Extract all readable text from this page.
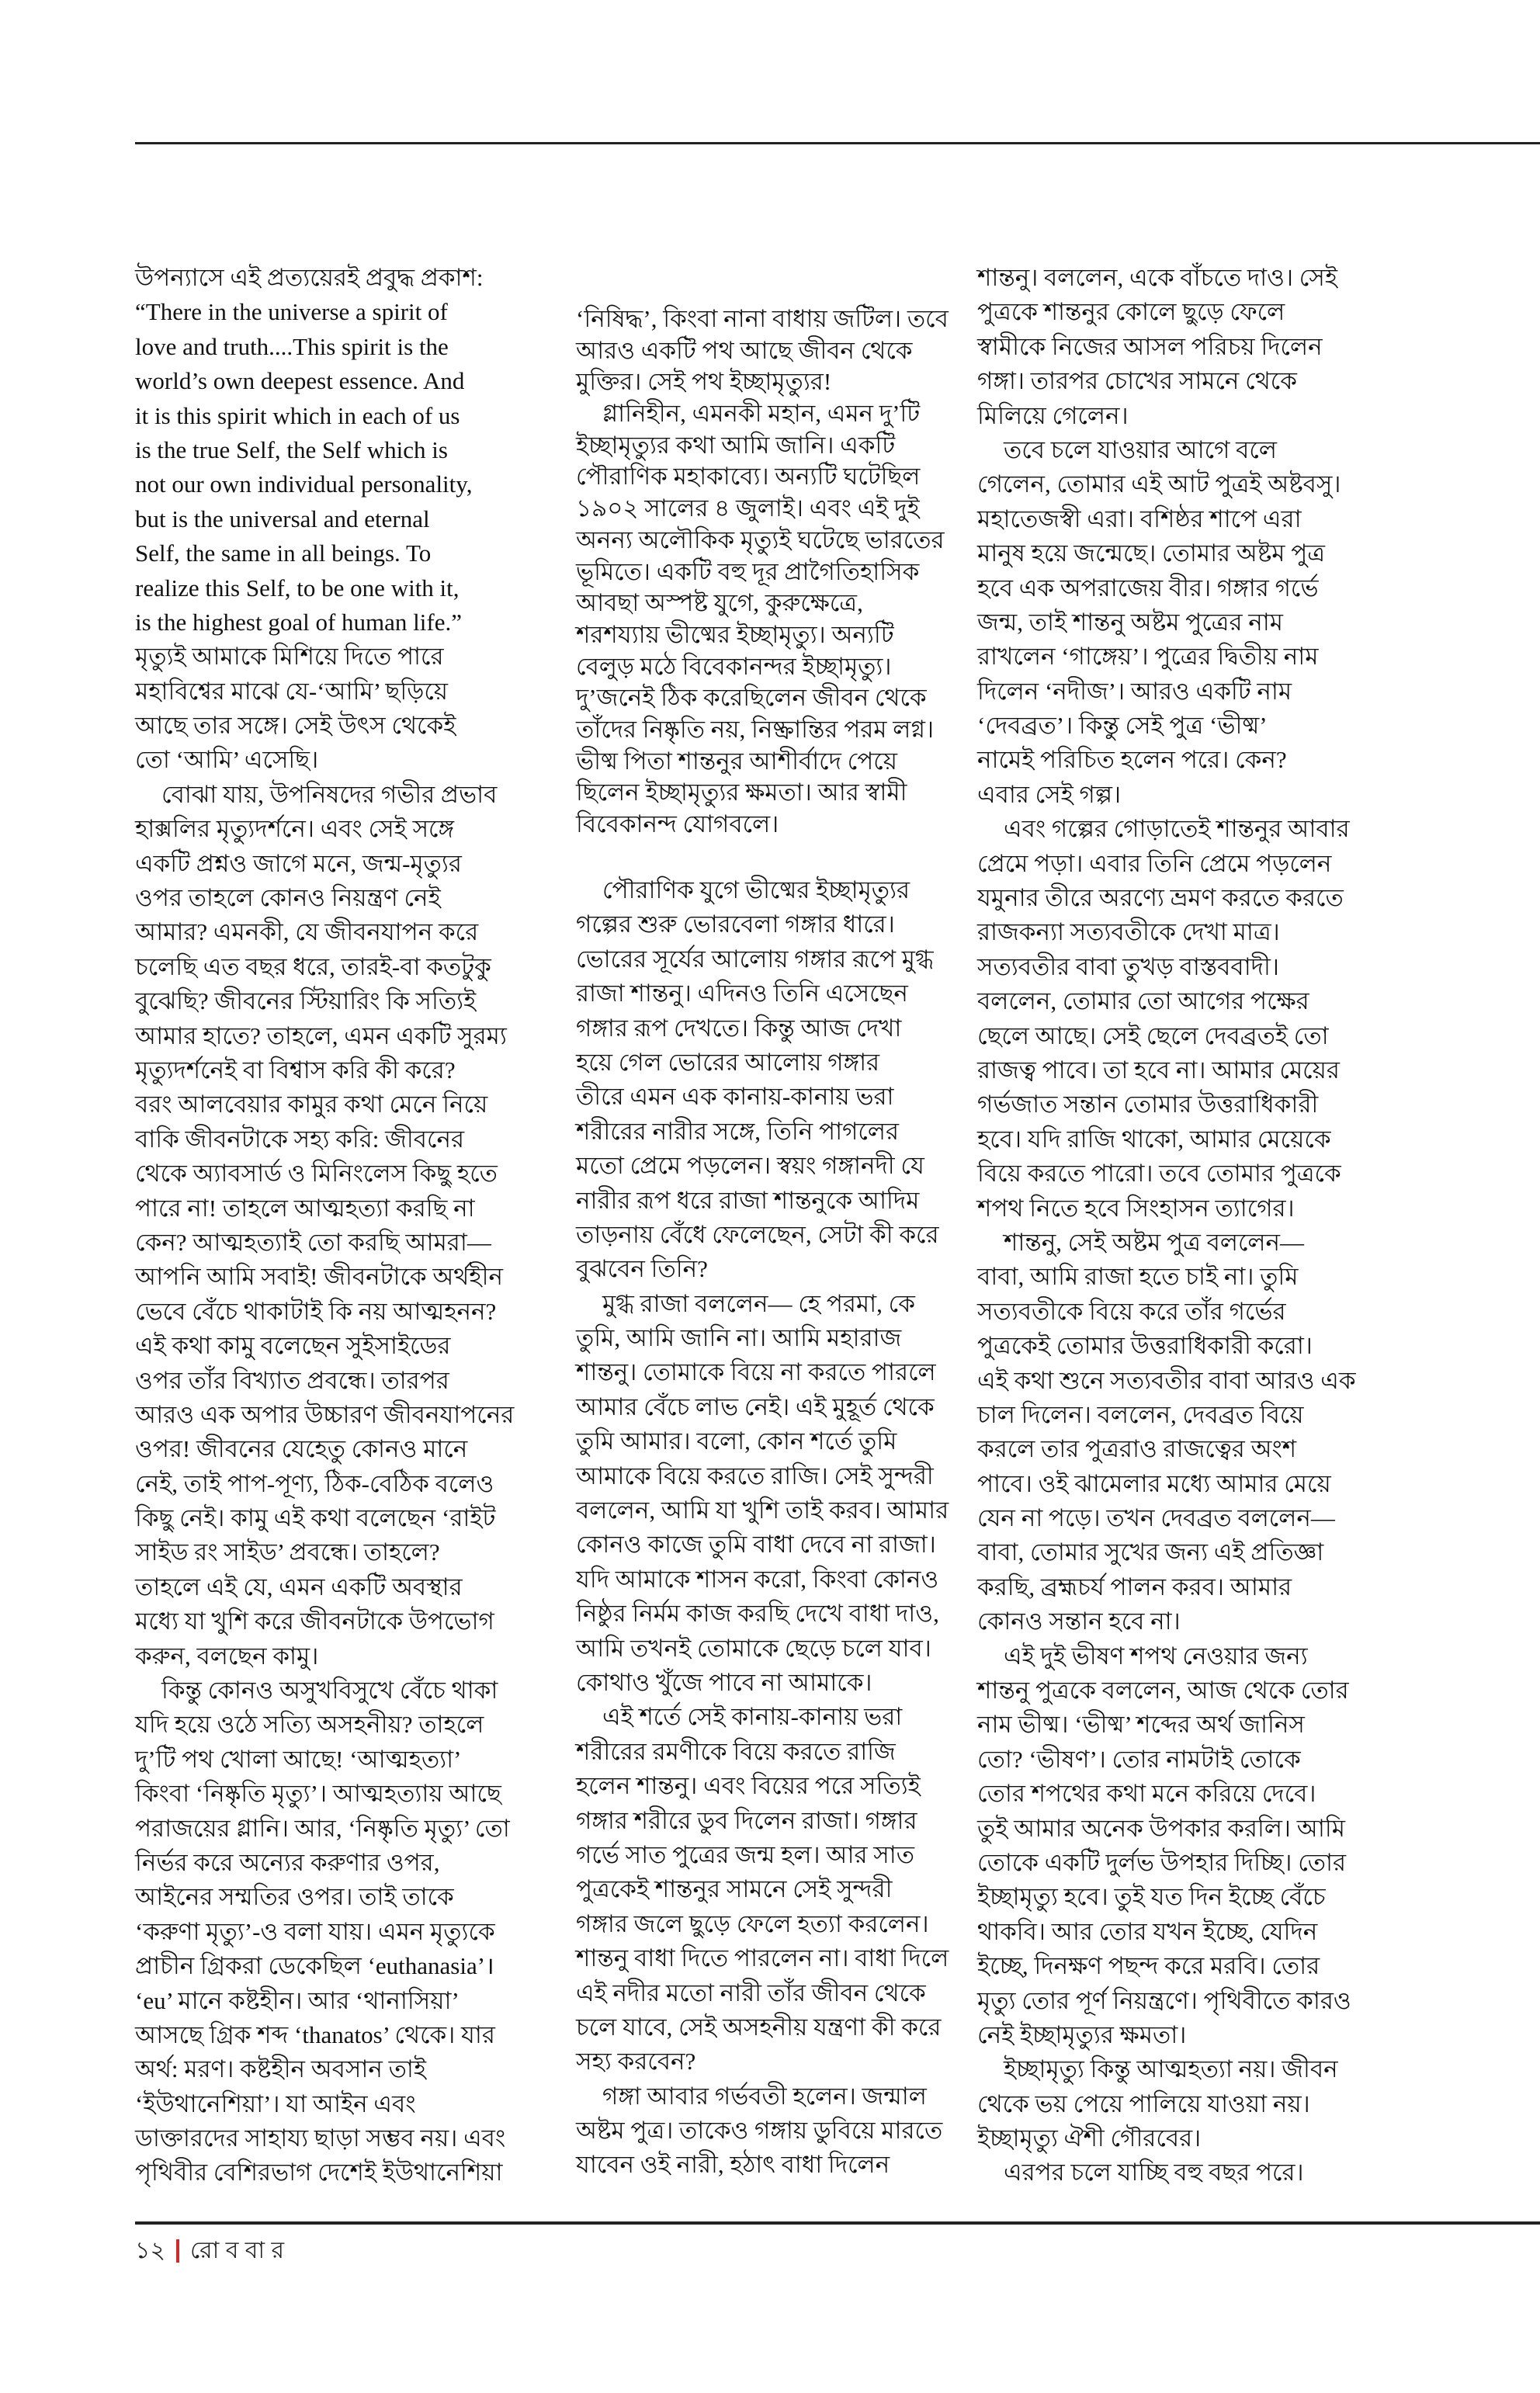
উপন্যাসে এই প্রত্যয়েরই প্রবুদ্ধ প্রকাশ:
“There in the universe a spirit of
love and truth....This spirit is the
world’s own deepest essence. And
it is this spirit which in each of us
is the true Self, the Self which is
not our own individual personality,
but is the universal and eternal
Self, the same in all beings. To
realize this Self, to be one with it,
is the highest goal of human life.”
মৃত্যুই আমাকে মিশিয়ে দিতে পারে
মহাবিশ্বের মাঝে যে-‘আমি’ ছড়িয়ে
আছে তার সঙ্গে। সেই উৎস থেকেই
তো ‘আমি’ এসেছি।
বোঝা যায়, উপনিষদের গভীর প্রভাব
হাক্সলির মৃত্যুদর্শনে। এবং সেই সঙ্গে
একটি প্রশ্নও জাগে মনে, জন্ম-মৃত্যুর
ওপর তাহলে কোনও নিয়ন্ত্রণ নেই
আমার? এমনকী, যে জীবনযাপন করে
চলেছি এত বছর ধরে, তারই-বা কতটুকু
বুঝেছি? জীবনের স্টিয়ারিং কি সত্যিই
আমার হাতে? তাহলে, এমন একটি সুরম্য
মৃত্যুদর্শনেই বা বিশ্বাস করি কী করে?
বরং আলবেয়ার কামুর কথা মেনে নিয়ে
বাকি জীবনটাকে সহ্য করি: জীবনের
থেকে অ্যাবসার্ড ও মিনিংলেস কিছু হতে
পারে না! তাহলে আত্মহত্যা করছি না
কেন? আত্মহত্যাই তো করছি আমরা—
আপনি আমি সবাই! জীবনটাকে অর্থহীন
ভেবে বেঁচে থাকাটাই কি নয় আত্মহনন?
এই কথা কামু বলেছেন সুইসাইডের
ওপর তাঁর বিখ্যাত প্রবন্ধে। তারপর
আরও এক অপার উচ্চারণ জীবনযাপনের
ওপর! জীবনের যেহেতু কোনও মানে
নেই, তাই পাপ-পূণ্য, ঠিক-বেঠিক বলেও
কিছু নেই। কামু এই কথা বলেছেন ‘রাইট
সাইড রং সাইড’ প্রবন্ধে। তাহলে?
তাহলে এই যে, এমন একটি অবস্থার
মধ্যে যা খুশি করে জীবনটাকে উপভোগ
করুন, বলছেন কামু।
কিন্তু কোনও অসুখবিসুখে বেঁচে থাকা
যদি হয়ে ওঠে সত্যি অসহনীয়? তাহলে
দু’টি পথ খোলা আছে! ‘আত্মহত্যা’
কিংবা ‘নিষ্কৃতি মৃত্যু’। আত্মহত্যায় আছে
পরাজয়ের গ্লানি। আর, ‘নিষ্কৃতি মৃত্যু’ তো
নির্ভর করে অন্যের করুণার ওপর,
আইনের সম্মতির ওপর। তাই তাকে
‘করুণা মৃত্যু’-ও বলা যায়। এমন মৃত্যুকে
প্রাচীন গ্রিকরা ডেকেছিল ‘euthanasia’।
‘eu’ মানে কষ্টহীন। আর ‘থানাসিয়া’
আসছে গ্রিক শব্দ ‘thanatos’ থেকে। যার
অর্থ: মরণ। কষ্টহীন অবসান তাই
‘ইউথানেশিয়া’। যা আইন এবং
ডাক্তারদের সাহায্য ছাড়া সম্ভব নয়। এবং
পৃথিবীর বেশিরভাগ দেশেই ইউথানেশিয়া
‘নিষিদ্ধ’, কিংবা নানা বাধায় জটিল। তবে
আরও একটি পথ আছে জীবন থেকে
মুক্তির। সেই পথ ইচ্ছামৃত্যুর!
গ্লানিহীন, এমনকী মহান, এমন দু’টি
ইচ্ছামৃত্যুর কথা আমি জানি। একটি
পৌরাণিক মহাকাব্যে। অন্যটি ঘটেছিল
১৯০২ সালের ৪ জুলাই। এবং এই দুই
অনন্য অলৌকিক মৃত্যুই ঘটেছে ভারতের
ভূমিতে। একটি বহু দূর প্রাগৈতিহাসিক
আবছা অস্পষ্ট যুগে, কুরুক্ষেত্রে,
শরশয্যায় ভীষ্মের ইচ্ছামৃত্যু। অন্যটি
বেলুড় মঠে বিবেকানন্দর ইচ্ছামৃত্যু।
দু’জনেই ঠিক করেছিলেন জীবন থেকে
তাঁদের নিষ্কৃতি নয়, নিষ্ক্রান্তির পরম লগ্ন।
ভীষ্ম পিতা শান্তনুর আশীর্বাদে পেয়ে
ছিলেন ইচ্ছামৃত্যুর ক্ষমতা। আর স্বামী
বিবেকানন্দ যোগবলে।
পৌরাণিক যুগে ভীষ্মের ইচ্ছামৃত্যুর
গল্পের শুরু ভোরবেলা গঙ্গার ধারে।
ভোরের সূর্যের আলোয় গঙ্গার রূপে মুগ্ধ
রাজা শান্তনু। এদিনও তিনি এসেছেন
গঙ্গার রূপ দেখতে। কিন্তু আজ দেখা
হয়ে গেল ভোরের আলোয় গঙ্গার
তীরে এমন এক কানায়-কানায় ভরা
শরীরের নারীর সঙ্গে, তিনি পাগলের
মতো প্রেমে পড়লেন। স্বয়ং গঙ্গানদী যে
নারীর রূপ ধরে রাজা শান্তনুকে আদিম
তাড়নায় বেঁধে ফেলেছেন, সেটা কী করে
বুঝবেন তিনি?
মুগ্ধ রাজা বললেন— হে পরমা, কে
তুমি, আমি জানি না। আমি মহারাজ
শান্তনু। তোমাকে বিয়ে না করতে পারলে
আমার বেঁচে লাভ নেই। এই মুহূর্ত থেকে
তুমি আমার। বলো, কোন শর্তে তুমি
আমাকে বিয়ে করতে রাজি। সেই সুন্দরী
বললেন, আমি যা খুশি তাই করব। আমার
কোনও কাজে তুমি বাধা দেবে না রাজা।
যদি আমাকে শাসন করো, কিংবা কোনও
নিষ্ঠুর নির্মম কাজ করছি দেখে বাধা দাও,
আমি তখনই তোমাকে ছেড়ে চলে যাব।
কোথাও খুঁজে পাবে না আমাকে।
এই শর্তে সেই কানায়-কানায় ভরা
শরীরের রমণীকে বিয়ে করতে রাজি
হলেন শান্তনু। এবং বিয়ের পরে সত্যিই
গঙ্গার শরীরে ডুব দিলেন রাজা। গঙ্গার
গর্ভে সাত পুত্রের জন্ম হল। আর সাত
পুত্রকেই শান্তনুর সামনে সেই সুন্দরী
গঙ্গার জলে ছুড়ে ফেলে হত্যা করলেন।
শান্তনু বাধা দিতে পারলেন না। বাধা দিলে
এই নদীর মতো নারী তাঁর জীবন থেকে
চলে যাবে, সেই অসহনীয় যন্ত্রণা কী করে
সহ্য করবেন?
গঙ্গা আবার গর্ভবতী হলেন। জন্মাল
অষ্টম পুত্র। তাকেও গঙ্গায় ডুবিয়ে মারতে
যাবেন ওই নারী, হঠাৎ বাধা দিলেন
শান্তনু। বললেন, একে বাঁচতে দাও। সেই
পুত্রকে শান্তনুর কোলে ছুড়ে ফেলে
স্বামীকে নিজের আসল পরিচয় দিলেন
গঙ্গা। তারপর চোখের সামনে থেকে
মিলিয়ে গেলেন।
তবে চলে যাওয়ার আগে বলে
গেলেন, তোমার এই আট পুত্রই অষ্টবসু।
মহাতেজস্বী এরা। বশিষ্ঠর শাপে এরা
মানুষ হয়ে জন্মেছে। তোমার অষ্টম পুত্র
হবে এক অপরাজেয় বীর। গঙ্গার গর্ভে
জন্ম, তাই শান্তনু অষ্টম পুত্রের নাম
রাখলেন ‘গাঙ্গেয়’। পুত্রের দ্বিতীয় নাম
দিলেন ‘নদীজ’। আরও একটি নাম
‘দেবব্রত’। কিন্তু সেই পুত্র ‘ভীষ্ম’
নামেই পরিচিত হলেন পরে। কেন?
এবার সেই গল্প।
এবং গল্পের গোড়াতেই শান্তনুর আবার
প্রেমে পড়া। এবার তিনি প্রেমে পড়লেন
যমুনার তীরে অরণ্যে ভ্রমণ করতে করতে
রাজকন্যা সত্যবতীকে দেখা মাত্র।
সত্যবতীর বাবা তুখড় বাস্তববাদী।
বললেন, তোমার তো আগের পক্ষের
ছেলে আছে। সেই ছেলে দেবব্রতই তো
রাজত্ব পাবে। তা হবে না। আমার মেয়ের
গর্ভজাত সন্তান তোমার উত্তরাধিকারী
হবে। যদি রাজি থাকো, আমার মেয়েকে
বিয়ে করতে পারো। তবে তোমার পুত্রকে
শপথ নিতে হবে সিংহাসন ত্যাগের।
শান্তনু, সেই অষ্টম পুত্র বললেন—
বাবা, আমি রাজা হতে চাই না। তুমি
সত্যবতীকে বিয়ে করে তাঁর গর্ভের
পুত্রকেই তোমার উত্তরাধিকারী করো।
এই কথা শুনে সত্যবতীর বাবা আরও এক
চাল দিলেন। বললেন, দেবব্রত বিয়ে
করলে তার পুত্ররাও রাজত্বের অংশ
পাবে। ওই ঝামেলার মধ্যে আমার মেয়ে
যেন না পড়ে। তখন দেবব্রত বললেন—
বাবা, তোমার সুখের জন্য এই প্রতিজ্ঞা
করছি, ব্রহ্মচর্য পালন করব। আমার
কোনও সন্তান হবে না।
এই দুই ভীষণ শপথ নেওয়ার জন্য
শান্তনু পুত্রকে বললেন, আজ থেকে তোর
নাম ভীষ্ম। ‘ভীষ্ম’ শব্দের অর্থ জানিস
তো? ‘ভীষণ’। তোর নামটাই তোকে
তোর শপথের কথা মনে করিয়ে দেবে।
তুই আমার অনেক উপকার করলি। আমি
তোকে একটি দুর্লভ উপহার দিচ্ছি। তোর
ইচ্ছামৃত্যু হবে। তুই যত দিন ইচ্ছে বেঁচে
থাকবি। আর তোর যখন ইচ্ছে, যেদিন
ইচ্ছে, দিনক্ষণ পছন্দ করে মরবি। তোর
মৃত্যু তোর পূর্ণ নিয়ন্ত্রণে। পৃথিবীতে কারও
নেই ইচ্ছামৃত্যুর ক্ষমতা।
ইচ্ছামৃত্যু কিন্তু আত্মহত্যা নয়। জীবন
থেকে ভয় পেয়ে পালিয়ে যাওয়া নয়।
ইচ্ছামৃত্যু ঐশী গৌরবের।
এরপর চলে যাচ্ছি বহু বছর পরে।
১২ রো ব বা র
